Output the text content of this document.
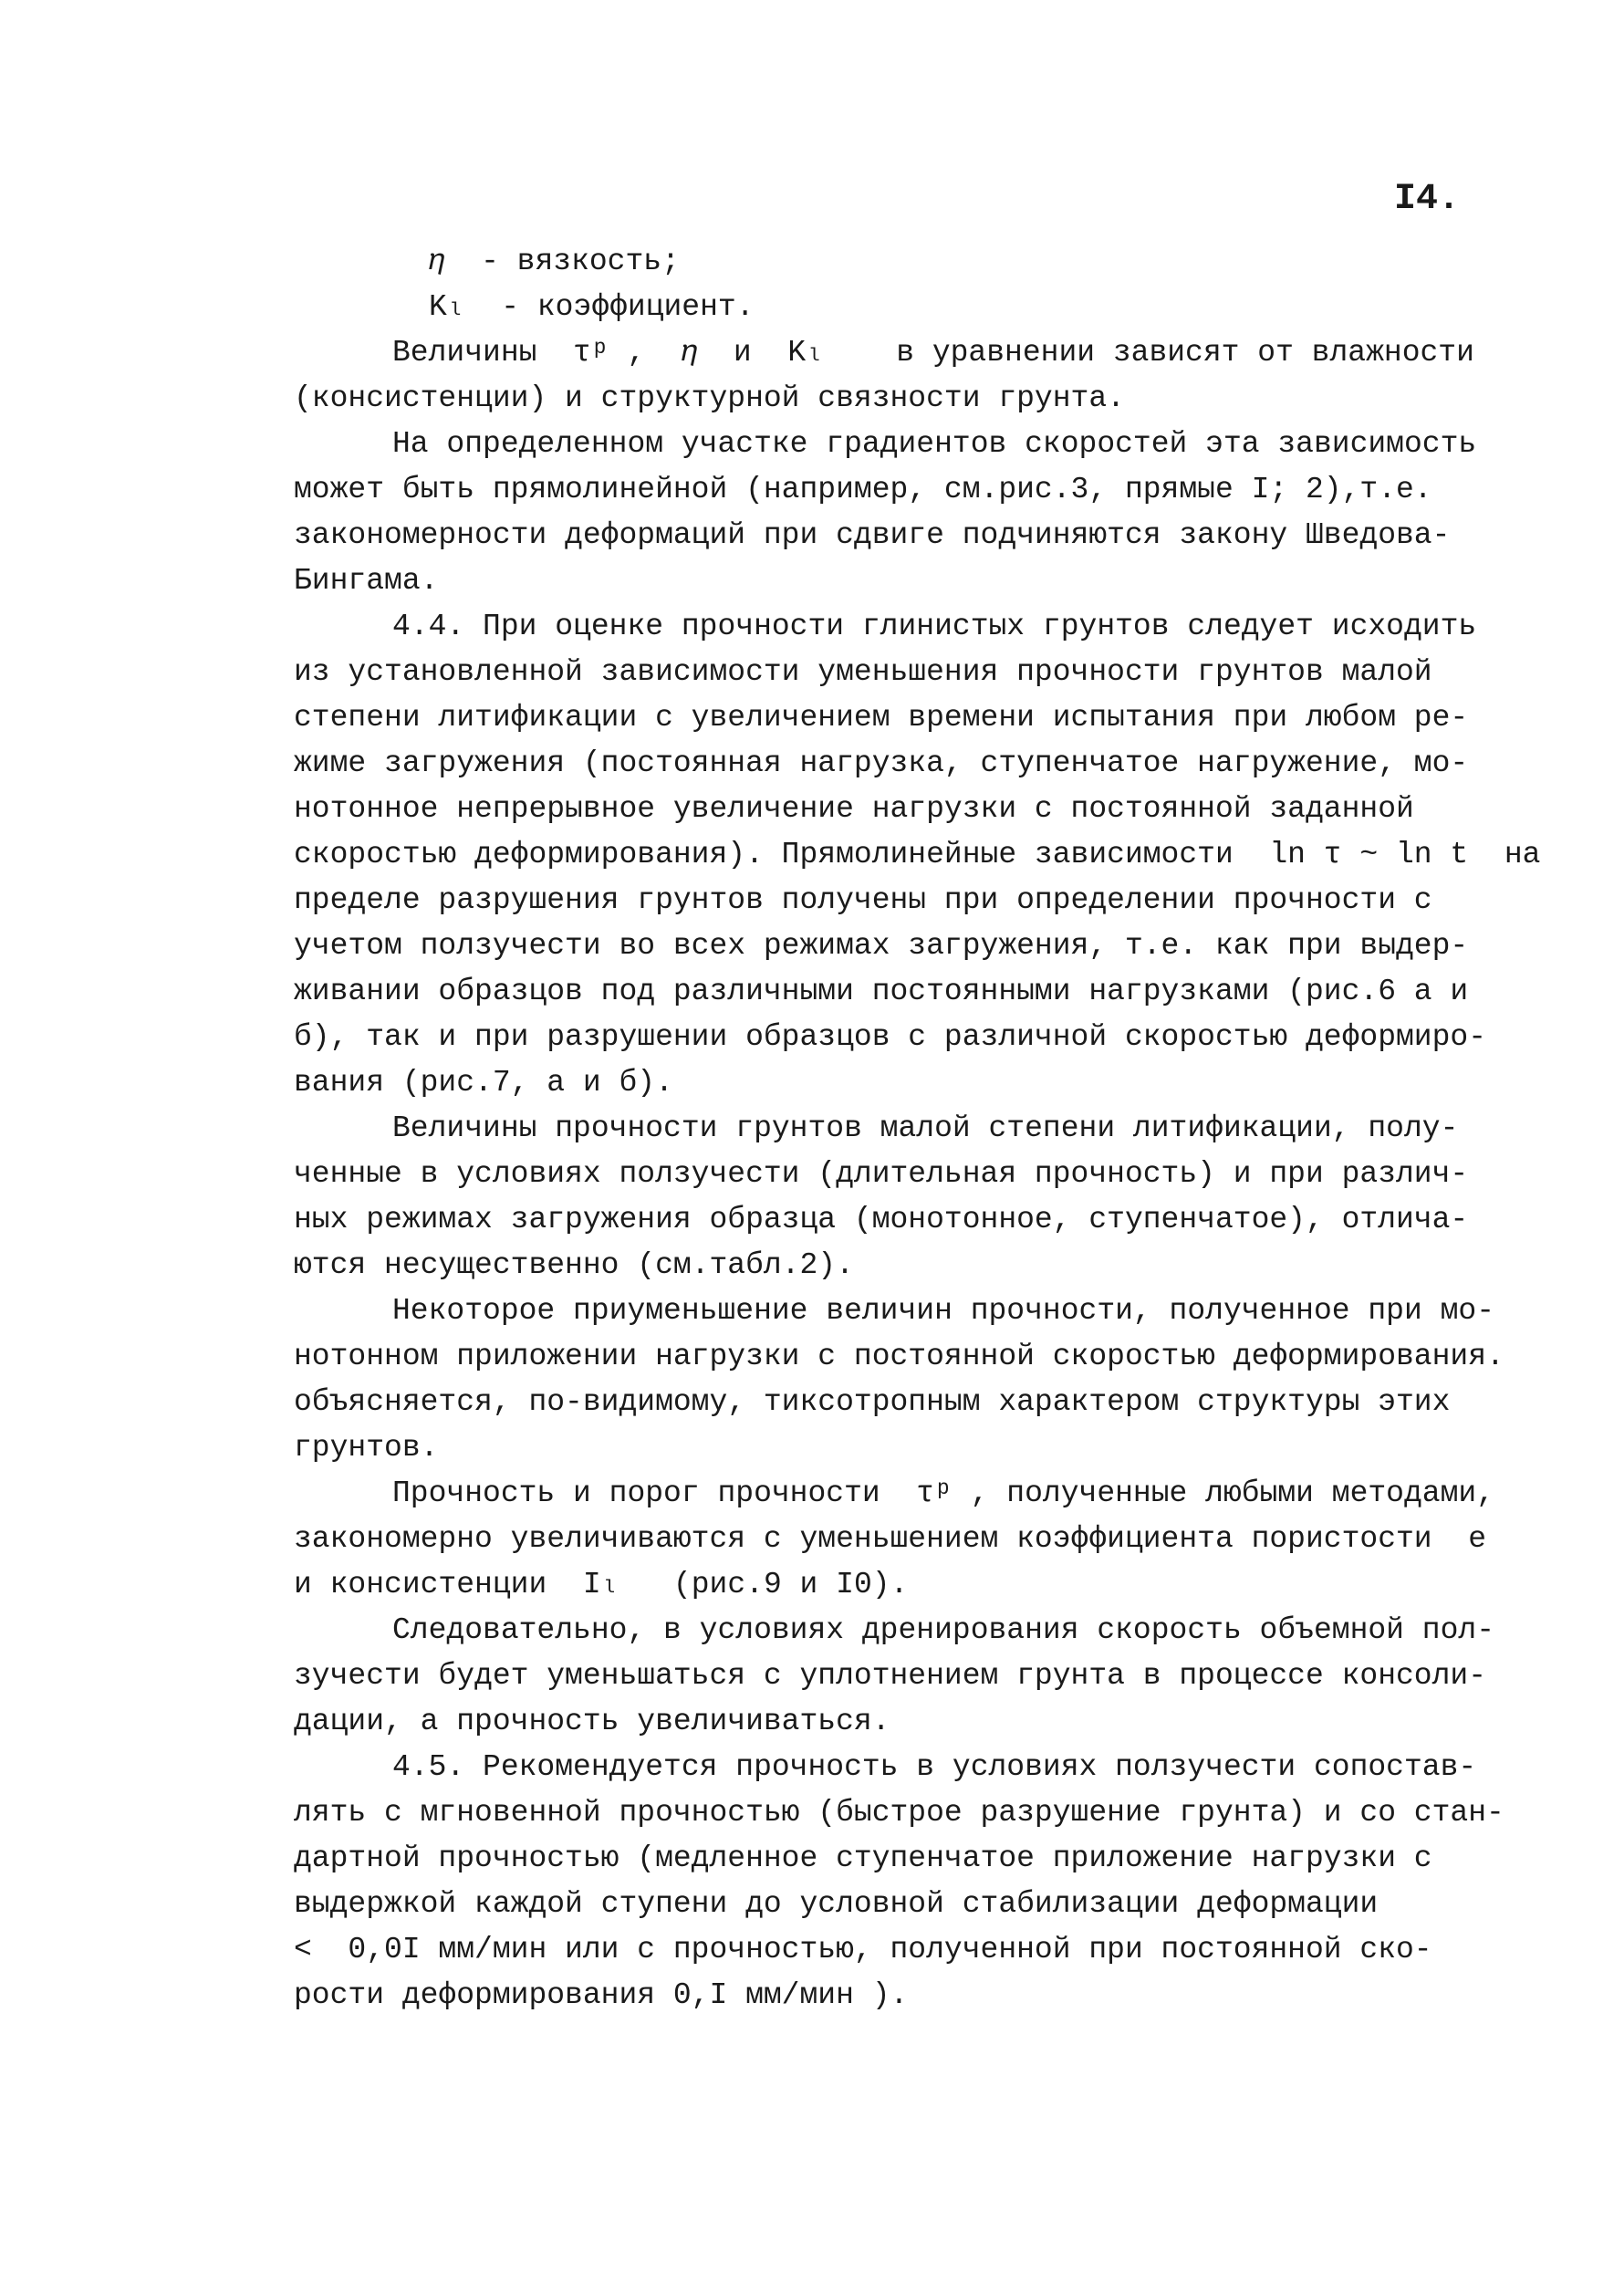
I4.
𝜂  - вязкость;
Kₗ  - коэффициент.
Величины  τᵖ ,  𝜂  и  Kₗ    в уравнении зависят от влажности
(консистенции) и структурной связности грунта.
На определенном участке градиентов скоростей эта зависимость
может быть прямолинейной (например, см.рис.3, прямые I; 2),т.е.
закономерности деформаций при сдвиге подчиняются закону Шведова-
Бингама.
4.4. При оценке прочности глинистых грунтов следует исходить
из установленной зависимости уменьшения прочности грунтов малой
степени литификации с увеличением времени испытания при любом ре-
жиме загружения (постоянная нагрузка, ступенчатое нагружение, мо-
нотонное непрерывное увеличение нагрузки с постоянной заданной
скоростью деформирования). Прямолинейные зависимости  ln τ ~ ln t  на
пределе разрушения грунтов получены при определении прочности с
учетом ползучести во всех режимах загружения, т.е. как при выдер-
живании образцов под различными постоянными нагрузками (рис.6 а и
б), так и при разрушении образцов с различной скоростью деформиро-
вания (рис.7, а и б).
Величины прочности грунтов малой степени литификации, полу-
ченные в условиях ползучести (длительная прочность) и при различ-
ных режимах загружения образца (монотонное, ступенчатое), отлича-
ются несущественно (см.табл.2).
Некоторое приуменьшение величин прочности, полученное при мо-
нотонном приложении нагрузки с постоянной скоростью деформирования.
объясняется, по-видимому, тиксотропным характером структуры этих
грунтов.
Прочность и порог прочности  τᵖ , полученные любыми методами,
закономерно увеличиваются с уменьшением коэффициента пористости  e
и консистенции  Iₗ   (рис.9 и I0).
Следовательно, в условиях дренирования скорость объемной пол-
зучести будет уменьшаться с уплотнением грунта в процессе консоли-
дации, а прочность увеличиваться.
4.5. Рекомендуется прочность в условиях ползучести сопостав-
лять с мгновенной прочностью (быстрое разрушение грунта) и со стан-
дартной прочностью (медленное ступенчатое приложение нагрузки с
выдержкой каждой ступени до условной стабилизации деформации
<  0,0I мм/мин или с прочностью, полученной при постоянной ско-
рости деформирования 0,I мм/мин ).
